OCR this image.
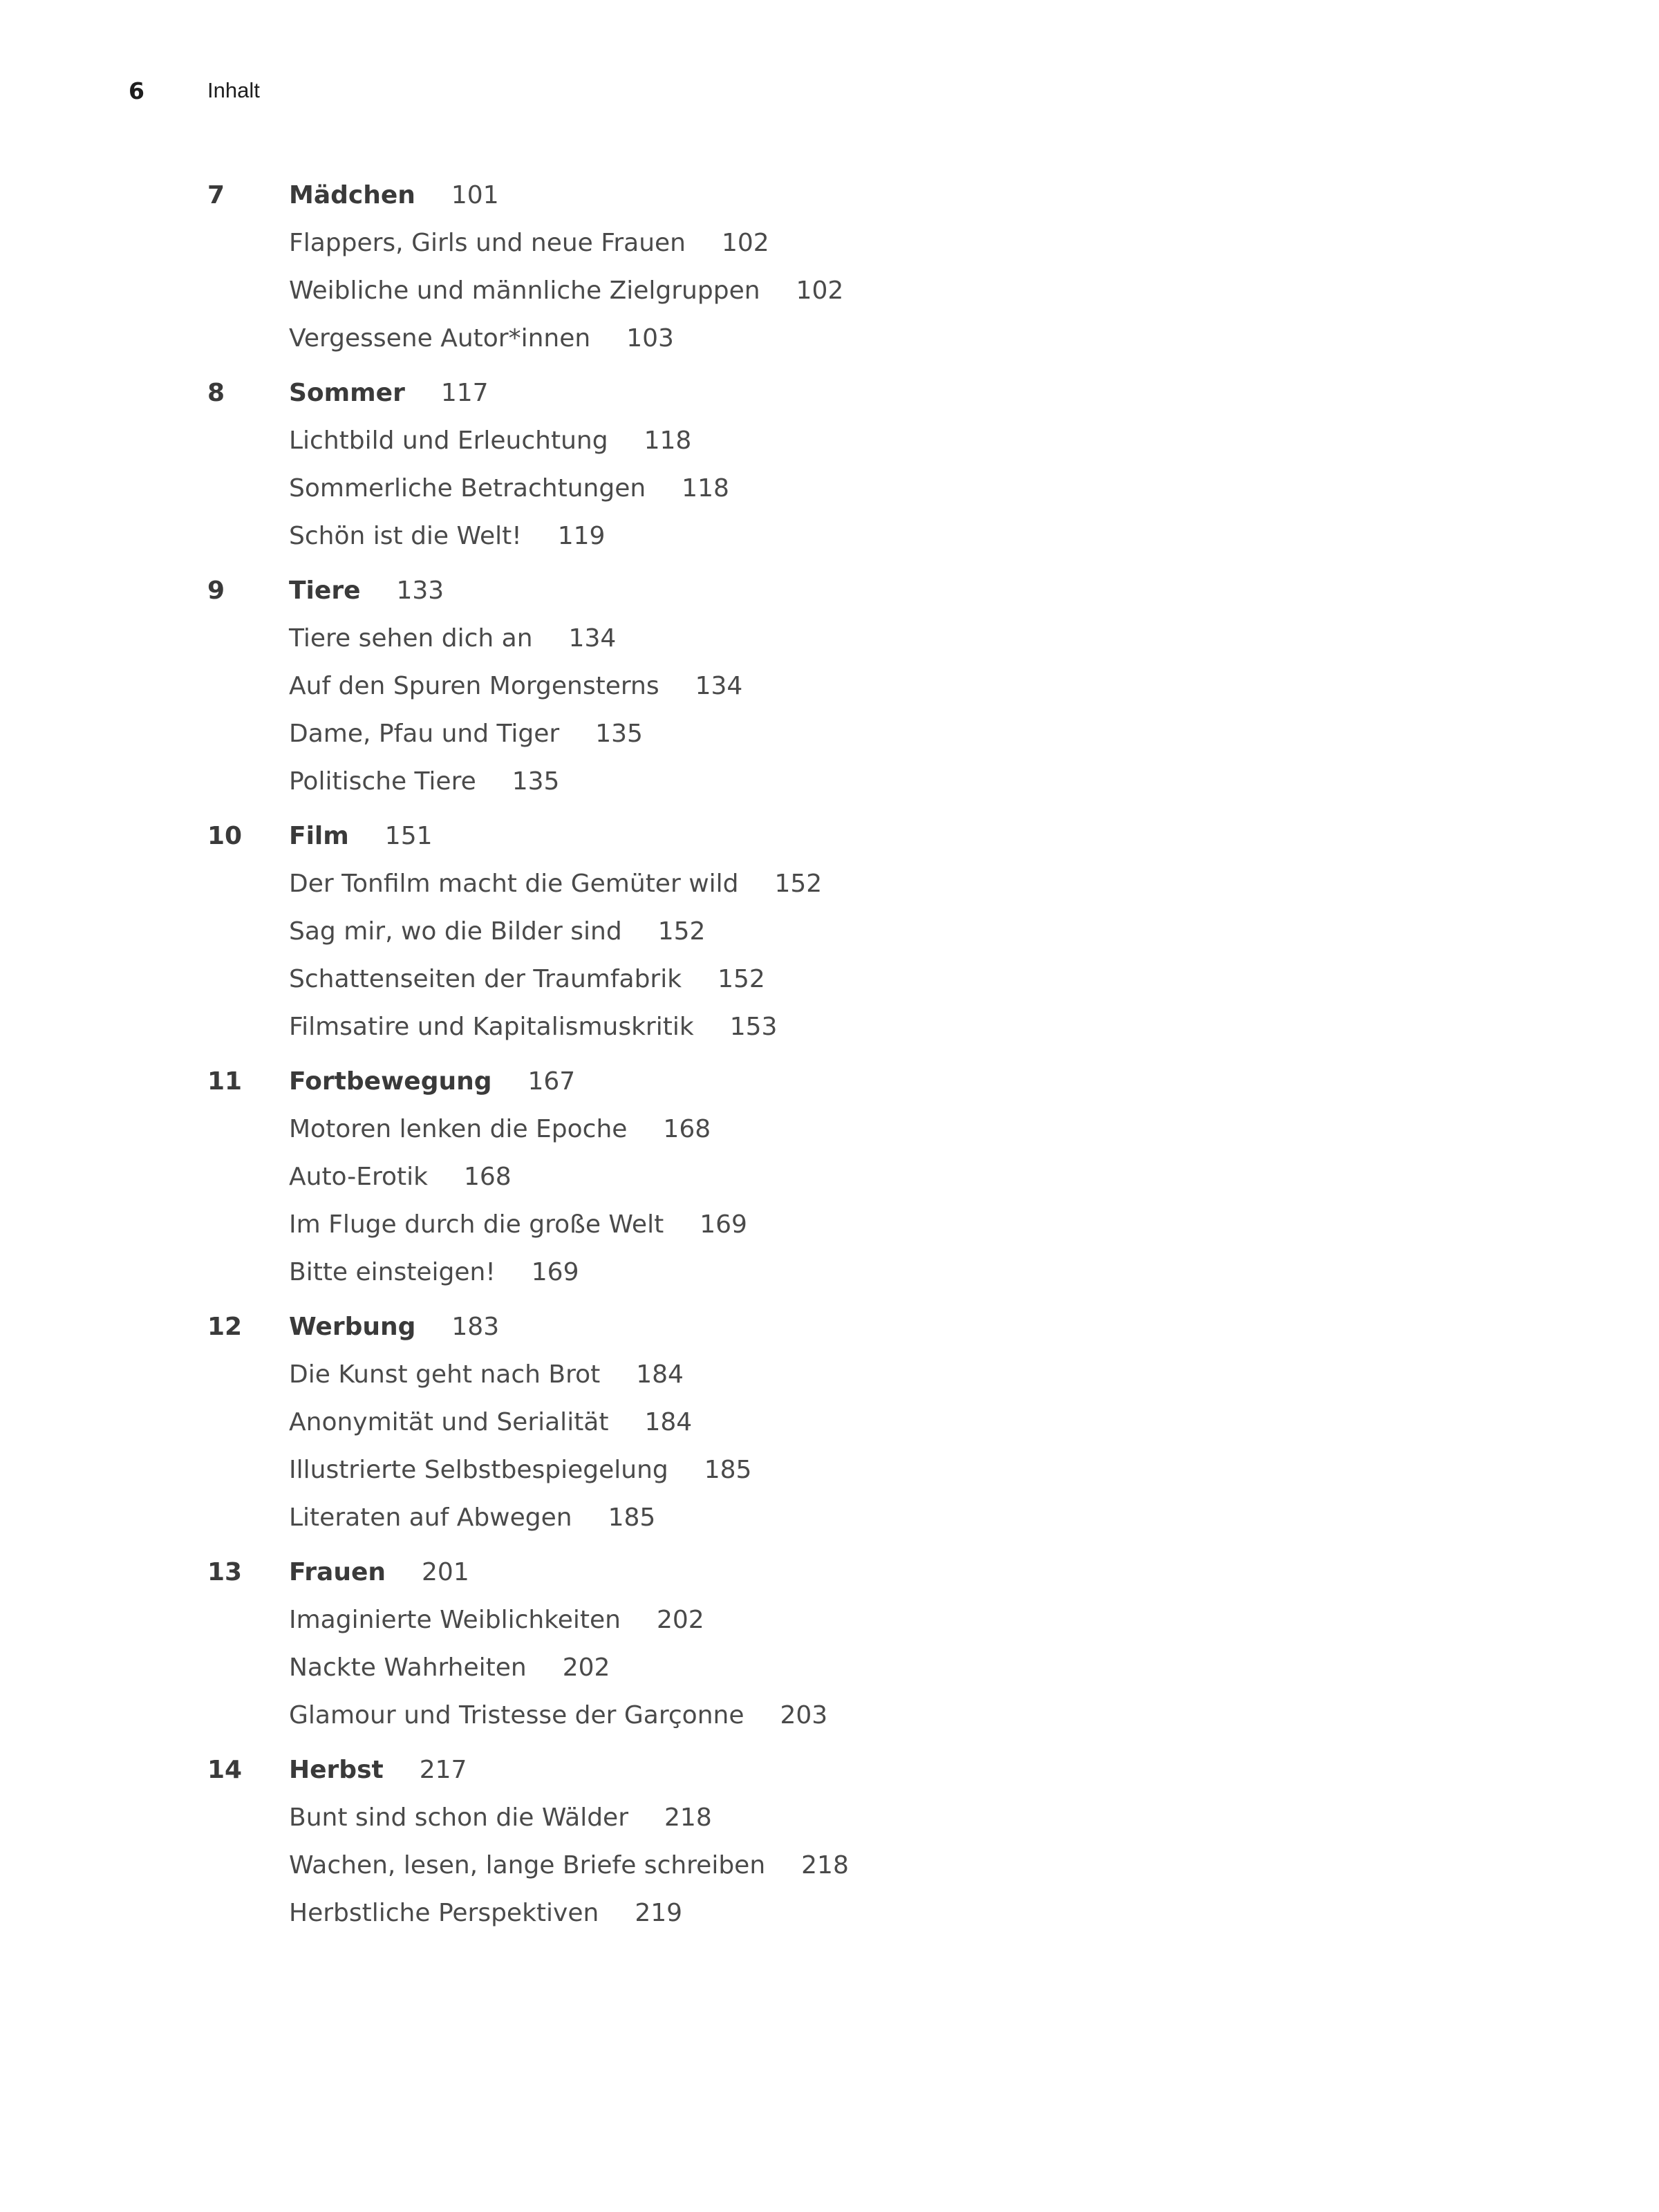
6	Inhalt
7	Mädchen 101
Flappers, Girls und neue Frauen 102
Weibliche und männliche Zielgruppen 102
Vergessene Autor*innen 103
8	Sommer 117
Lichtbild und Erleuchtung 118
Sommerliche Betrachtungen 118
Schön ist die Welt! 119
9	Tiere 133
Tiere sehen dich an 134
Auf den Spuren Morgensterns 134
Dame, Pfau und Tiger 135
Politische Tiere 135
10	Film 151
Der Tonfilm macht die Gemüter wild 152
Sag mir, wo die Bilder sind 152
Schattenseiten der Traumfabrik 152
Filmsatire und Kapitalismuskritik 153
11	Fortbewegung 167
Motoren lenken die Epoche 168
Auto-Erotik 168
Im Fluge durch die große Welt 169
Bitte einsteigen! 169
12	Werbung 183
Die Kunst geht nach Brot 184
Anonymität und Serialität 184
Illustrierte Selbstbespiegelung 185
Literaten auf Abwegen 185
13	Frauen 201
Imaginierte Weiblichkeiten 202
Nackte Wahrheiten 202
Glamour und Tristesse der Garçonne 203
14	Herbst 217
Bunt sind schon die Wälder 218
Wachen, lesen, lange Briefe schreiben 218
Herbstliche Perspektiven 219
